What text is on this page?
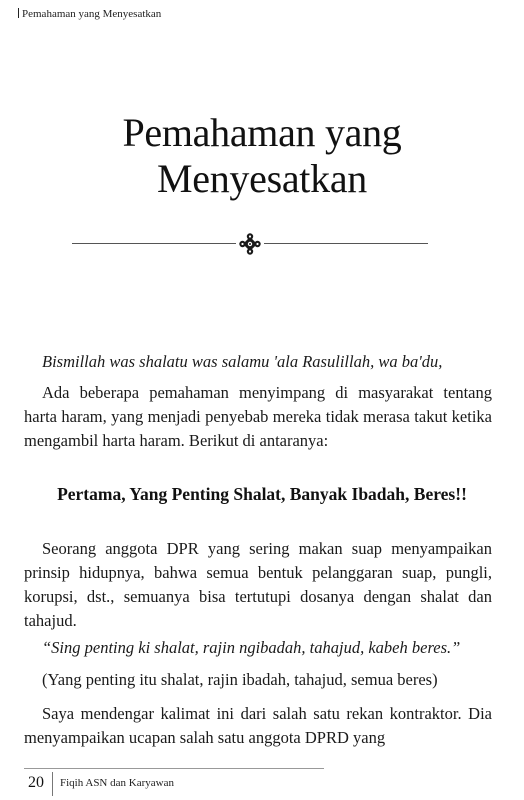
Pemahaman yang Menyesatkan
Pemahaman yang
Menyesatkan

Bismillah was shalatu was salamu 'ala Rasulillah, wa ba'du,

Ada beberapa pemahaman menyimpang di masyarakat tentang harta haram, yang menjadi penyebab mereka tidak merasa takut ketika mengambil harta haram. Berikut di antaranya:

Pertama, Yang Penting Shalat, Banyak Ibadah, Beres!!

Seorang anggota DPR yang sering makan suap menyampaikan prinsip hidupnya, bahwa semua bentuk pelanggaran suap, pungli, korupsi, dst., semuanya bisa tertutupi dosanya dengan shalat dan tahajud.

“Sing penting ki shalat, rajin ngibadah, tahajud, kabeh beres.”

(Yang penting itu shalat, rajin ibadah, tahajud, semua beres)

Saya mendengar kalimat ini dari salah satu rekan kontraktor. Dia menyampaikan ucapan salah satu anggota DPRD yang

20 Fiqih ASN dan Karyawan
